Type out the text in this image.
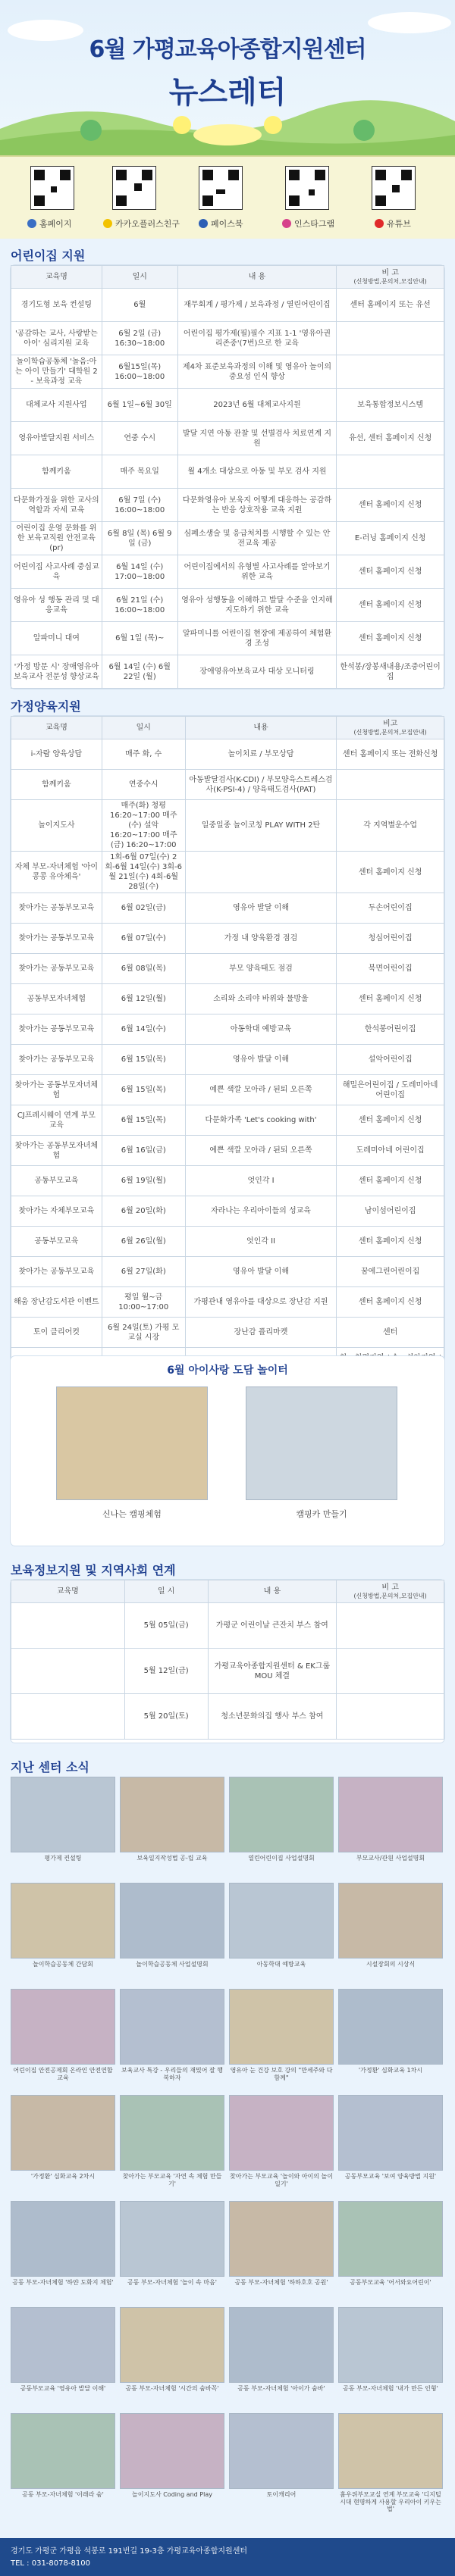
6월 가평교육아종합지원센터
뉴스레터
홈페이지	카카오플러스친구	페이스북	인스타그램	유튜브
어린이집 지원
교육명	일시	내 용	비 고
(신청방법,문의처,모집안내)

경기도형 보육 컨설팅	6월	재무회계 / 평가제 / 보육과정 / 열린어린이집	센터 홈페이지 또는 유선
'공감하는 교사, 사랑받는 아이' 심리지원 교육	6월 2일 (금) 16:30~18:00	어린이집 평가제(필)필수 지표 1-1 '영유아권리존중'(7번)으로 한 교육	
놀이학습공동체 '놀음:아는 아이 만들기' 대학원 2 - 보육과정 교육	6월15일(목) 16:00~18:00	제4차 표준보육과정의 이해 및 영유아 놀이의 중요성 인식 향상	
대체교사 지원사업	6월 1일~6월 30일	2023년 6월 대체교사지원	보육통합정보시스템
영유아발달지원 서비스	연중 수시	발달 지연 아동 관찰 및 선별검사 치료연계 지원	유선, 센터 홈페이지 신청
함께키움	매주 목요일	월 4개소 대상으로 아동 및 부모 검사 지원	
다문화가정을 위한 교사의 역할과 자세 교육	6월 7일 (수) 16:00~18:00	다문화영유아 보육지 어떻게 대응하는 공감하는 반응 상호작용 교육 지원	센터 홈페이지 신청
어린이집 운영 문화를 위한 보육교직원 안전교육(pr)	6월 8일 (목) 6월 9일 (금)	심폐소생술 및 응급처치를 시행할 수 있는 안전교육 제공	E-러닝 홈페이지 신청
어린이집 사고사례 중심교육	6월 14일 (수) 17:00~18:00	어린이집에서의 유형별 사고사례를 알아보기 위한 교육	센터 홈페이지 신청
영유아 성 행동 관리 및 대응교육	6월 21일 (수) 16:00~18:00	영유아 성행동을 이해하고 발달 수준을 인지해 지도하기 위한 교육	센터 홈페이지 신청
알파미니 대여	6월 1일 (목)~	알파미니를 어린이집 현장에 제공하여 체험환경 조성	센터 홈페이지 신청
'가정 방문 시' 장애영유아보육교사 전문성 향상교육	6월 14일 (수) 6월 22일 (월)	장애영유아보육교사 대상 모니터링	한석봉/장봉새내용/조중어린이집
가정양육지원
교육명	일시	내용	비고
(신청방법,문의처,모집안내)

i-자람 양육상담	매주 화, 수	놀이치료 / 부모상담	센터 홈페이지 또는 전화신청
함께키움	연중수시	아동발달검사(K-CDI) / 부모양육스트레스검사(K-PSI-4) / 양육태도검사(PAT)	
놀이지도사	매주(화) 청평 16:20~17:00 매주(수) 설악 16:20~17:00 매주(금) 16:20~17:00	일중일종 놀이코칭 PLAY WITH 2탄	각 지역별운수업
자체 부모-자녀체험 '아이콩콩 유아체육'	1회-6월 07일(수) 2회-6월 14일(수) 3회-6월 21일(수) 4회-6월 28일(수)		센터 홈페이지 신청
찾아가는 공동부모교육	6월 02일(금)	영유아 발달 이해	두손어린이집
찾아가는 공동부모교육	6월 07일(수)	가정 내 양육환경 점검	청심어린이집
찾아가는 공동부모교육	6월 08일(목)	부모 양육태도 점검	북면어린이집
공동부모자녀체험	6월 12일(월)	소리와 소리야 바위와 물방울	센터 홈페이지 신청
찾아가는 공동부모교육	6월 14일(수)	아동학대 예방교육	한석봉어린이집
찾아가는 공동부모교육	6월 15일(목)	영유아 발달 이해	설악어린이집
찾아가는 공동부모자녀체험	6월 15일(목)	예쁜 색깔 모아라 / 된퇴 오른쪽	해밀은어린이집 / 도레미아네 어린이집
CJ프레시웨이 연계 부모교육	6월 15일(목)	다문화가족 'Let's cooking with'	센터 홈페이지 신청
찾아가는 공동부모자녀체험	6월 16일(금)	예쁜 색깔 모아라 / 된퇴 오른쪽	도레미아네 어린이집
공동부모교육	6월 19일(월)	엇인각 I	센터 홈페이지 신청
찾아가는 자체부모교육	6월 20일(화)	자라나는 우리아이들의 성교육	남이섬어린이집
공동부모교육	6월 26일(월)	엇인각 II	센터 홈페이지 신청
찾아가는 공동부모교육	6월 27일(화)	영유아 발달 이해	꿈에그린어린이집
해움 장난감도서관 이벤트	평일 월~금 10:00~17:00	가평관내 영유아를 대상으로 장난감 지원	센터 홈페이지 신청
토이 클리어컷	6월 24일(토) 가평 모교실 시장	장난감 플리마켓	센터

6월 아이사랑 도담 놀이터
신나는 캠핑체험	캠핑카 만들기
보육정보지원 및 지역사회 연계
교육명	일 시	내 용	비 고
(신청방법,문의처,모집안내)

	5월 05일(금)	가평군 어린이날 큰잔치 부스 참여	
	5월 12일(금)	가평교육아종합지원센터 & EK그룹 MOU 체결	
	5월 20일(토)	청소년문화의집 행사 부스 참여	
지난 센터 소식
평가제 컨설팅	보육일지작성법 공-립 교육	열린어린이집 사업설명회	부모교사/관원 사업설명회
놀이학습공동체 간담회	놀이학습공동체 사업설명회	아동학대 예방교육	시설장회의 시상식
어린이집 안전공제회 온라인 안전연합교육
보육교사 특강 - 우리들의 재밌어 잘 행복하자
영유아 눈 건강 보호 강의 "만세주와 다함께"
'가정환' 심화교육 1차시
'가정환' 심화교육 2차시	찾아가는 부모교육 '자연 속 체험 만들기'
찾아가는 부모교육 '놀이와 아이의 놀이일기'
공동부모교육 '보여 양육방법 지원'
공동 부모-자녀체험 '하얀 도화지 체험'	공동 부모-자녀체험 '놀이 속 마음'	공동 부모-자녀체험 '하하호호 공원'	공동부모교육 '어서와요어린이'
공동부모교육 '영유아 발달 이해'	공동 부모-자녀체험 '시간의 숨바꼭'	공동 부모-자녀체험 '아이가 숨바'	공동 부모-자녀체험 '내가 만든 인형'
공동 부모-자녀체험 '이래라 숨'	놀이지도사 Coding and Play	토이캐리어	홈우위부모교실 연계 부모교육 '디지털시대 현명하게 사용할 우리아이 키우는 법'
경기도 가평군 가평읍 석봉로 191번길 19-3층 가평교육아종합지원센터
TEL : 031-8078-8100
